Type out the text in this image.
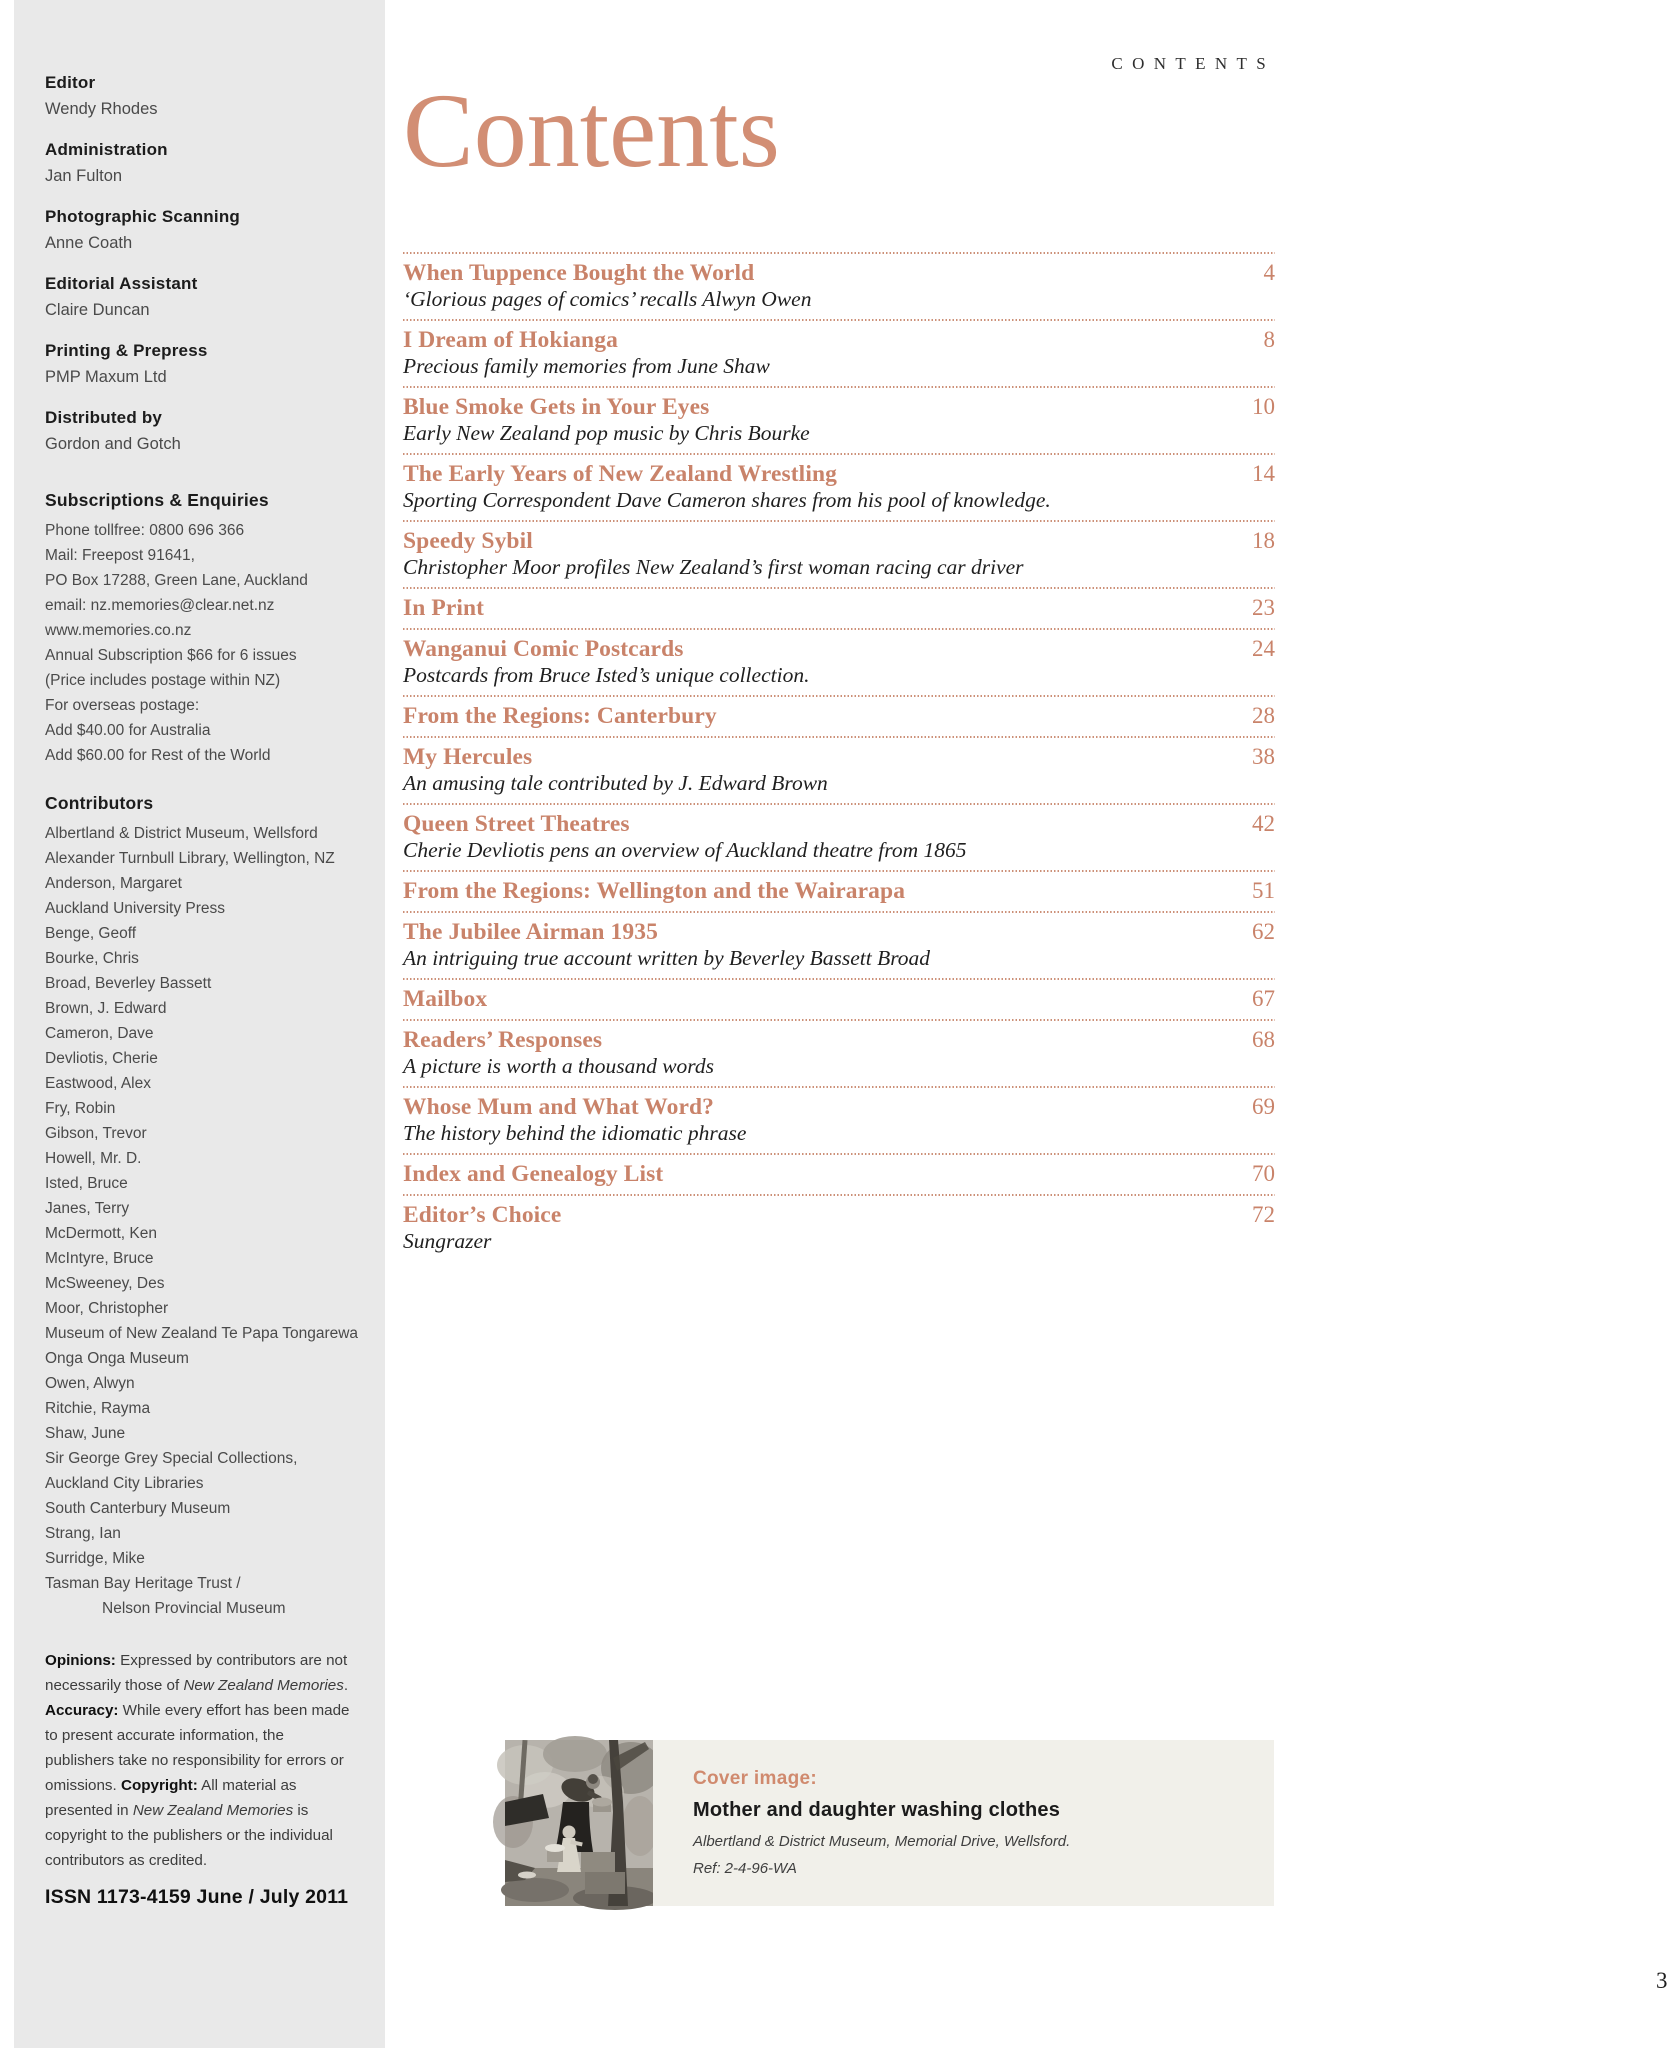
Editor
Wendy Rhodes
Administration
Jan Fulton
Photographic Scanning
Anne Coath
Editorial Assistant
Claire Duncan
Printing & Prepress
PMP Maxum Ltd
Distributed by
Gordon and Gotch
Subscriptions & Enquiries
Phone tollfree: 0800 696 366
Mail: Freepost 91641,
PO Box 17288, Green Lane, Auckland
email: nz.memories@clear.net.nz
www.memories.co.nz
Annual Subscription $66 for 6 issues
(Price includes postage within NZ)
For overseas postage:
Add $40.00 for Australia
Add $60.00 for Rest of the World
Contributors
Albertland & District Museum, Wellsford
Alexander Turnbull Library, Wellington, NZ
Anderson, Margaret
Auckland University Press
Benge, Geoff
Bourke, Chris
Broad, Beverley Bassett
Brown, J. Edward
Cameron, Dave
Devliotis, Cherie
Eastwood, Alex
Fry, Robin
Gibson, Trevor
Howell, Mr. D.
Isted, Bruce
Janes, Terry
McDermott, Ken
McIntyre, Bruce
McSweeney, Des
Moor, Christopher
Museum of New Zealand Te Papa Tongarewa
Onga Onga Museum
Owen, Alwyn
Ritchie, Rayma
Shaw, June
Sir George Grey Special Collections,
Auckland City Libraries
South Canterbury Museum
Strang, Ian
Surridge, Mike
Tasman Bay Heritage Trust /
Nelson Provincial Museum

Opinions: Expressed by contributors are not necessarily those of New Zealand Memories. Accuracy: While every effort has been made to present accurate information, the publishers take no responsibility for errors or omissions. Copyright: All material as presented in New Zealand Memories is copyright to the publishers or the individual contributors as credited.

ISSN 1173-4159 June / July 2011
CONTENTS
Contents
When Tuppence Bought the World	4
‘Glorious pages of comics’ recalls Alwyn Owen
I Dream of Hokianga	8
Precious family memories from June Shaw
Blue Smoke Gets in Your Eyes	10
Early New Zealand pop music by Chris Bourke
The Early Years of New Zealand Wrestling	14
Sporting Correspondent Dave Cameron shares from his pool of knowledge.
Speedy Sybil	18
Christopher Moor profiles New Zealand’s first woman racing car driver
In Print	23
Wanganui Comic Postcards	24
Postcards from Bruce Isted’s unique collection.
From the Regions: Canterbury	28
My Hercules	38
An amusing tale contributed by J. Edward Brown
Queen Street Theatres	42
Cherie Devliotis pens an overview of Auckland theatre from 1865
From the Regions: Wellington and the Wairarapa	51
The Jubilee Airman 1935	62
An intriguing true account written by Beverley Bassett Broad
Mailbox	67
Readers’ Responses	68
A picture is worth a thousand words
Whose Mum and What Word?	69
The history behind the idiomatic phrase
Index and Genealogy List	70
Editor’s Choice	72
Sungrazer
Cover image:
Mother and daughter washing clothes
Albertland & District Museum, Memorial Drive, Wellsford.
Ref: 2-4-96-WA
3
